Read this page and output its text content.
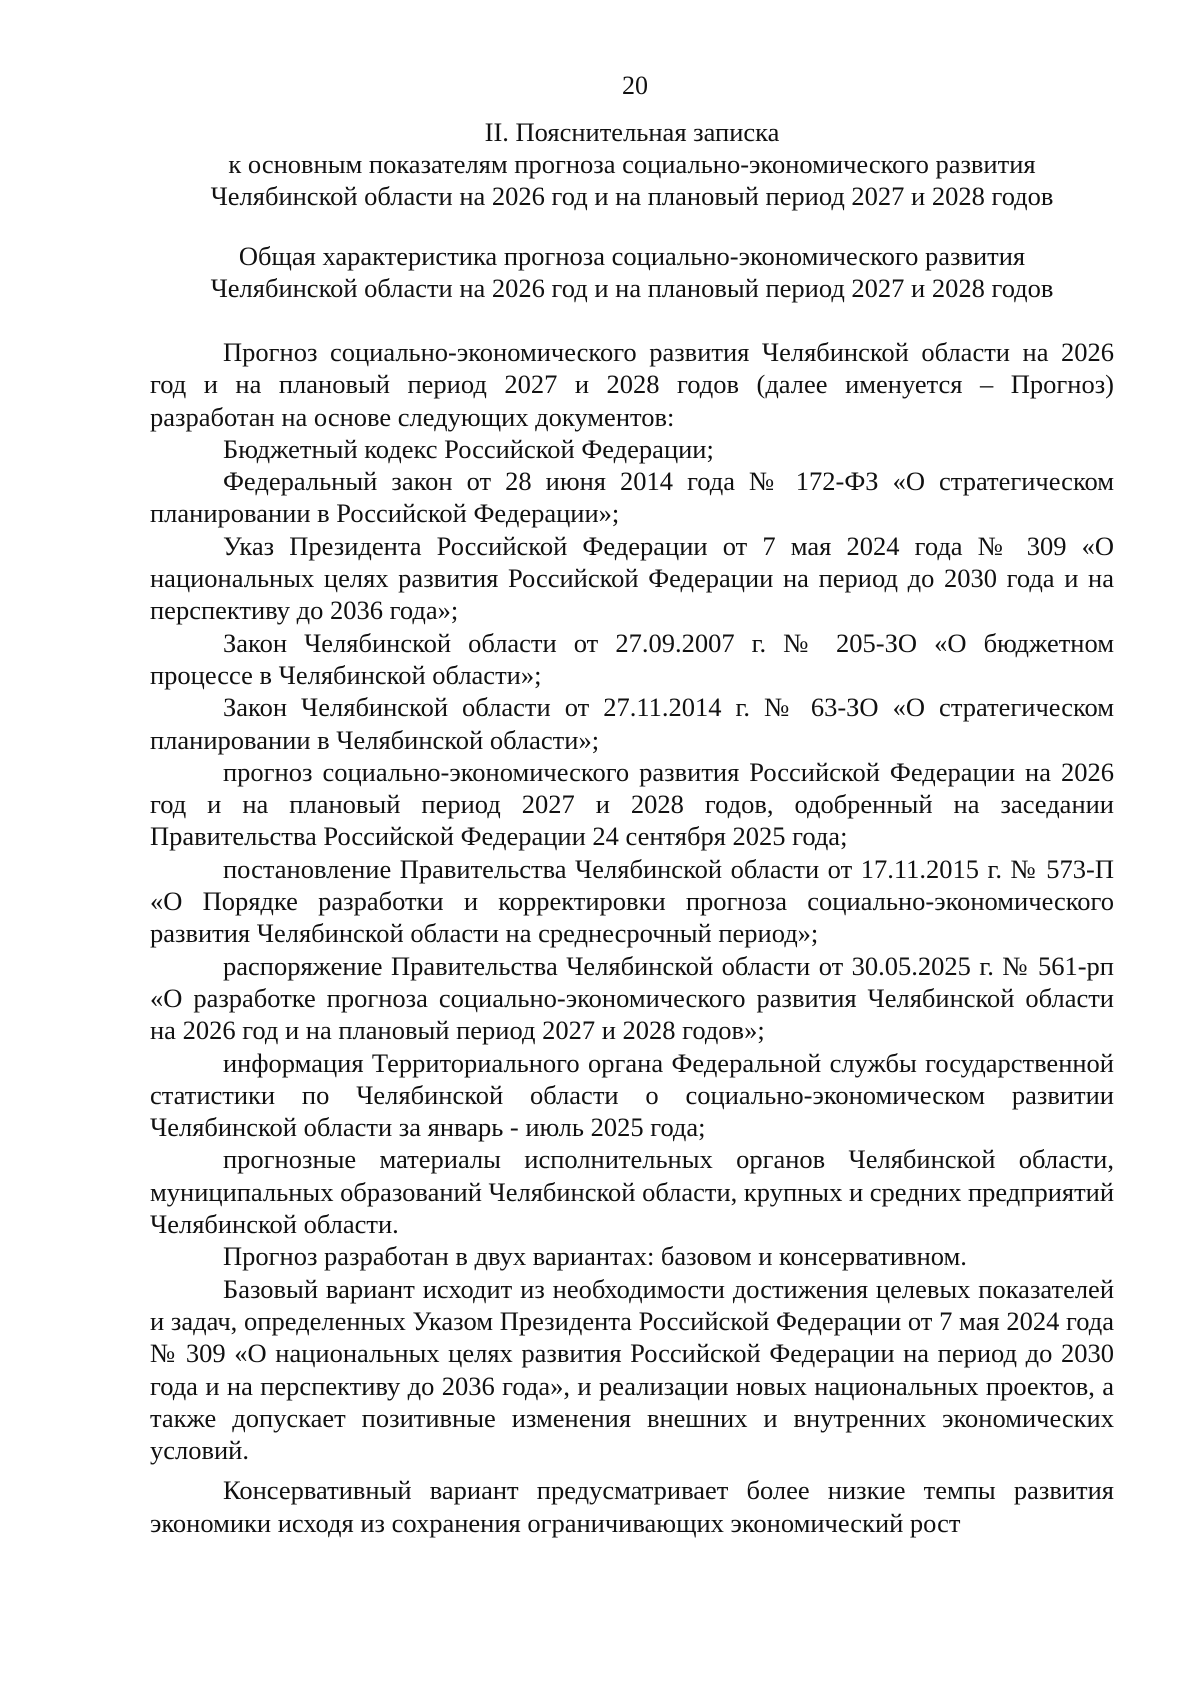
20
II. Пояснительная записка
к основным показателям прогноза социально-экономического развития
Челябинской области на 2026 год и на плановый период 2027 и 2028 годов
Общая характеристика прогноза социально-экономического развития
Челябинской области на 2026 год и на плановый период 2027 и 2028 годов

Прогноз социально-экономического развития Челябинской области на 2026 год и на плановый период 2027 и 2028 годов (далее именуется – Прогноз) разработан на основе следующих документов:

Бюджетный кодекс Российской Федерации;

Федеральный закон от 28 июня 2014 года № 172-ФЗ «О стратегическом планировании в Российской Федерации»;

Указ Президента Российской Федерации от 7 мая 2024 года № 309 «О национальных целях развития Российской Федерации на период до 2030 года и на перспективу до 2036 года»;

Закон Челябинской области от 27.09.2007 г. № 205-ЗО «О бюджетном процессе в Челябинской области»;

Закон Челябинской области от 27.11.2014 г. № 63-ЗО «О стратегическом планировании в Челябинской области»;

прогноз социально-экономического развития Российской Федерации на 2026 год и на плановый период 2027 и 2028 годов, одобренный на заседании Правительства Российской Федерации 24 сентября 2025 года;

постановление Правительства Челябинской области от 17.11.2015 г. № 573-П «О Порядке разработки и корректировки прогноза социально-экономического развития Челябинской области на среднесрочный период»;

распоряжение Правительства Челябинской области от 30.05.2025 г. № 561-рп «О разработке прогноза социально-экономического развития Челябинской области на 2026 год и на плановый период 2027 и 2028 годов»;

информация Территориального органа Федеральной службы государственной статистики по Челябинской области о социально-экономическом развитии Челябинской области за январь - июль 2025 года;

прогнозные материалы исполнительных органов Челябинской области, муниципальных образований Челябинской области, крупных и средних предприятий Челябинской области.

Прогноз разработан в двух вариантах: базовом и консервативном.

Базовый вариант исходит из необходимости достижения целевых показателей и задач, определенных Указом Президента Российской Федерации от 7 мая 2024 года № 309 «О национальных целях развития Российской Федерации на период до 2030 года и на перспективу до 2036 года», и реализации новых национальных проектов, а также допускает позитивные изменения внешних и внутренних экономических условий.

Консервативный вариант предусматривает более низкие темпы развития экономики исходя из сохранения ограничивающих экономический рост
